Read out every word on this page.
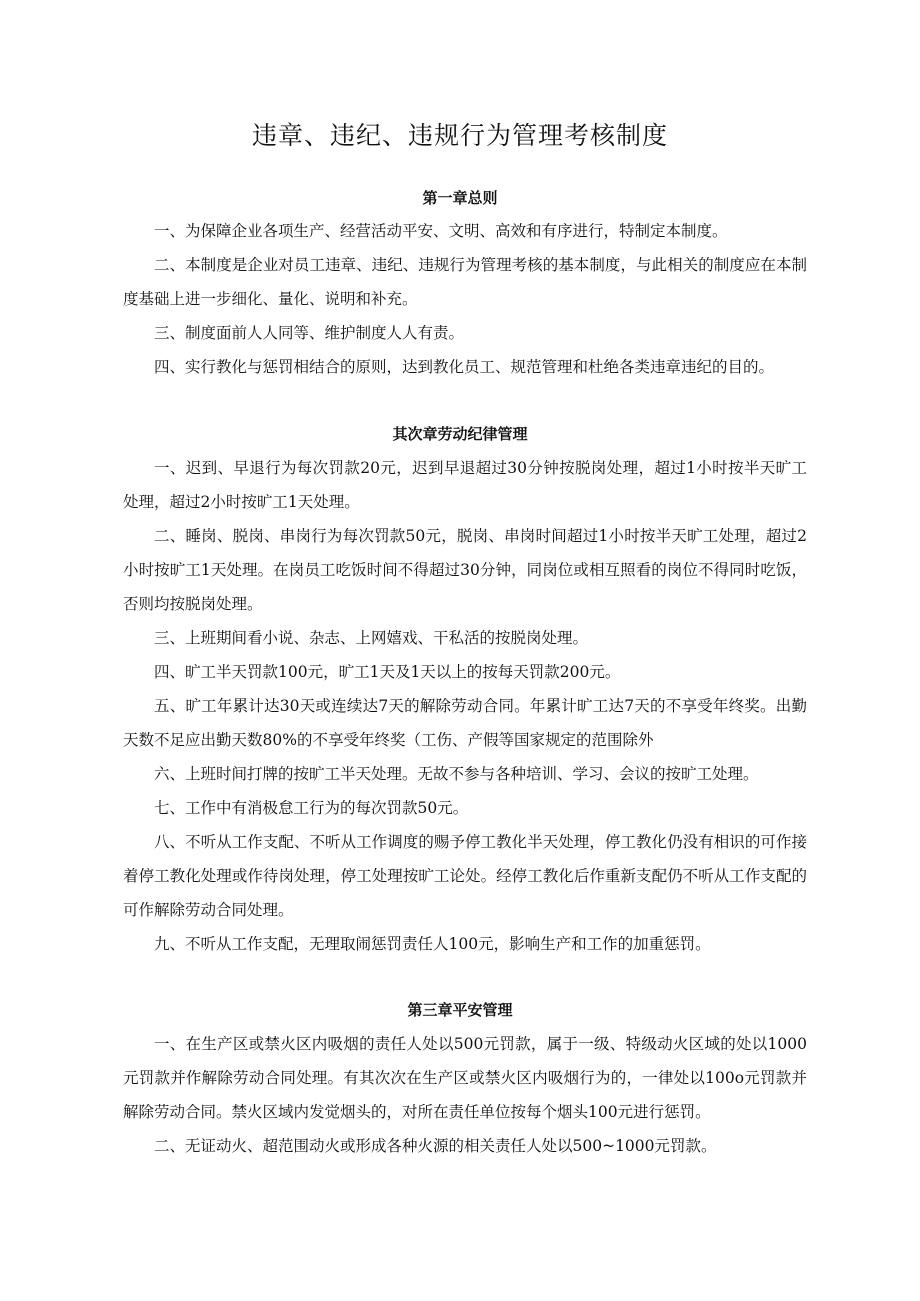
违章、违纪、违规行为管理考核制度
第一章总则

一、为保障企业各项生产、经营活动平安、文明、高效和有序进行，特制定本制度。

二、本制度是企业对员工违章、违纪、违规行为管理考核的基本制度，与此相关的制度应在本制度基础上进一步细化、量化、说明和补充。

三、制度面前人人同等、维护制度人人有责。

四、实行教化与惩罚相结合的原则，达到教化员工、规范管理和杜绝各类违章违纪的目的。

其次章劳动纪律管理

一、迟到、早退行为每次罚款20元，迟到早退超过30分钟按脱岗处理，超过1小时按半天旷工处理，超过2小时按旷工1天处理。

二、睡岗、脱岗、串岗行为每次罚款50元，脱岗、串岗时间超过1小时按半天旷工处理，超过2小时按旷工1天处理。在岗员工吃饭时间不得超过30分钟，同岗位或相互照看的岗位不得同时吃饭，否则均按脱岗处理。

三、上班期间看小说、杂志、上网嬉戏、干私活的按脱岗处理。

四、旷工半天罚款100元，旷工1天及1天以上的按每天罚款200元。

五、旷工年累计达30天或连续达7天的解除劳动合同。年累计旷工达7天的不享受年终奖。出勤天数不足应出勤天数80%的不享受年终奖（工伤、产假等国家规定的范围除外

六、上班时间打牌的按旷工半天处理。无故不参与各种培训、学习、会议的按旷工处理。

七、工作中有消极怠工行为的每次罚款50元。

八、不听从工作支配、不听从工作调度的赐予停工教化半天处理，停工教化仍没有相识的可作接着停工教化处理或作待岗处理，停工处理按旷工论处。经停工教化后作重新支配仍不听从工作支配的可作解除劳动合同处理。

九、不听从工作支配，无理取闹惩罚责任人100元，影响生产和工作的加重惩罚。

第三章平安管理

一、在生产区或禁火区内吸烟的责任人处以500元罚款，属于一级、特级动火区域的处以1000元罚款并作解除劳动合同处理。有其次次在生产区或禁火区内吸烟行为的，一律处以100o元罚款并解除劳动合同。禁火区域内发觉烟头的，对所在责任单位按每个烟头100元进行惩罚。

二、无证动火、超范围动火或形成各种火源的相关责任人处以500~1000元罚款。
